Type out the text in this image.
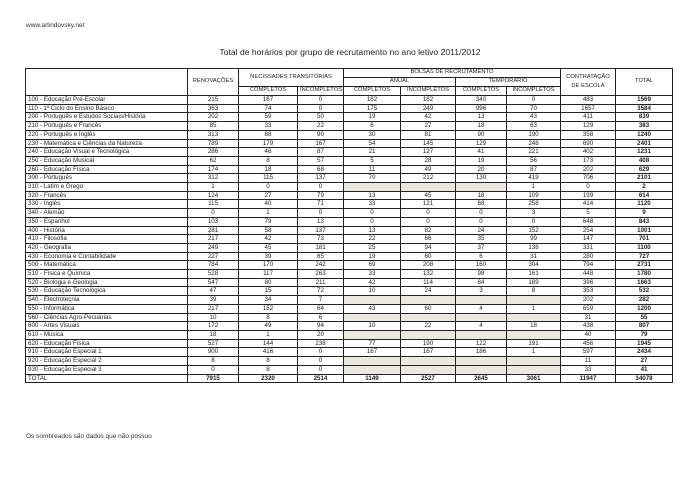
www.arlindovsky.net
Total de horários por grupo de recrutamento no ano letivo 2011/2012
	RENOVAÇÕES	NECISSADES TRANSITÓRIAS		BOLSAS DE RECRUTAMENTO				CONTRATAÇÃO DE ESCOLA	TOTAL
				ANUAL		TEMPORÁRIO			
		COMPLETOS	INCOMPLETOS	COMPLETOS	INCOMPLETOS	COMPLETOS	INCOMPLETOS		
100 - Educação Pré-Escolar	215	167	0	182	182	340	0	483	1569
110 - 1º Ciclo do Ensino Básico	363	74	0	175	249	996	70	1657	3584
200 - Português e Estudos Sociais/História	202	59	50	19	42	13	43	411	839
210 - Português e Francês	85	33	22	6	27	18	63	129	383
220 - Português e Inglês	313	88	90	30	81	90	190	358	1240
230 - Matemática e Ciências da Natureza	789	179	167	54	145	129	248	690	2401
240 - Educação Visual e Tecnológica	286	46	87	21	127	41	221	402	1231
250 - Educação Musical	62	8	57	5	28	19	56	173	408
260 - Educação Física	174	18	68	11	49	20	87	202	629
300 - Português	312	115	137	70	212	130	419	706	2101
310 - Latim e Grego	1	0	0				1	0	2
320 - Francês	124	27	79	13	45	18	109	199	614
330 - Inglês	115	40	71	33	121	68	258	414	1120
340 - Alemão	0	1	0	0	0	0	3	5	9
350 - Espanhol	103	79	13	0	0	0	0	648	843
400 - História	281	58	137	13	82	24	152	254	1001
410 - Filosofia	217	42	73	22	66	35	99	147	701
420 - Geografia	249	45	181	25	94	37	138	331	1100
430 - Economia e Contabilidade	227	39	65	19	60	6	31	280	727
500 - Matemática	784	170	242	69	208	160	304	794	2731
510 - Física e Química	528	117	263	33	132	98	161	448	1780
520 - Biologia e Geologia	547	80	211	42	114	84	189	396	1663
530 - Educação Tecnológica	47	15	72	10	24	3	8	353	532
540 - Electrotecnia	39	34	7					202	282
550 - Informática	217	152	64	43	60	4	1	659	1200
560 - Ciências Agro-Pecuárias	10	8	6					31	55
600 - Artes Visuais	172	49	94	10	22	4	18	438	807
610 - Música	18	1	20					40	79
620 - Educação Física	527	144	238	77	190	122	191	456	1945
910 - Educação Especial 1	900	416	0	167	167	186	1	597	2434
920 - Educação Especial 2	8	8	0					11	27
930 - Educação Especial 3	0	8	0					33	41
TOTAL	7915	2320	2514	1149	2527	2645	3061	11947	34078
Os sombreados são dados que não possuo
